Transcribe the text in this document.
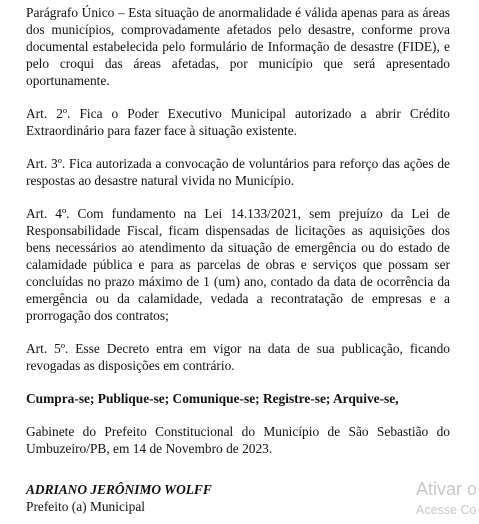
Parágrafo Único – Esta situação de anormalidade é válida apenas para as áreas dos municípios, comprovadamente afetados pelo desastre, conforme prova documental estabelecida pelo formulário de Informação de desastre (FIDE), e pelo croqui das áreas afetadas, por município que será apresentado oportunamente.

Art. 2º. Fica o Poder Executivo Municipal autorizado a abrir Crédito Extraordinário para fazer face à situação existente.

Art. 3º. Fica autorizada a convocação de voluntários para reforço das ações de respostas ao desastre natural vivida no Município.

Art. 4º. Com fundamento na Lei 14.133/2021, sem prejuízo da Lei de Responsabilidade Fiscal, ficam dispensadas de licitações as aquisições dos bens necessários ao atendimento da situação de emergência ou do estado de calamidade pública e para as parcelas de obras e serviços que possam ser concluídas no prazo máximo de 1 (um) ano, contado da data de ocorrência da emergência ou da calamidade, vedada a recontratação de empresas e a prorrogação dos contratos;

Art. 5º. Esse Decreto entra em vigor na data de sua publicação, ficando revogadas as disposições em contrário.

Cumpra-se; Publique-se; Comunique-se; Registre-se; Arquive-se,

Gabinete do Prefeito Constitucional do Município de São Sebastião do Umbuzeiro/PB, em 14 de Novembro de 2023.

ADRIANO JERÔNIMO WOLFF
Prefeito (a) Municipal
Ativar o
Acesse Co
